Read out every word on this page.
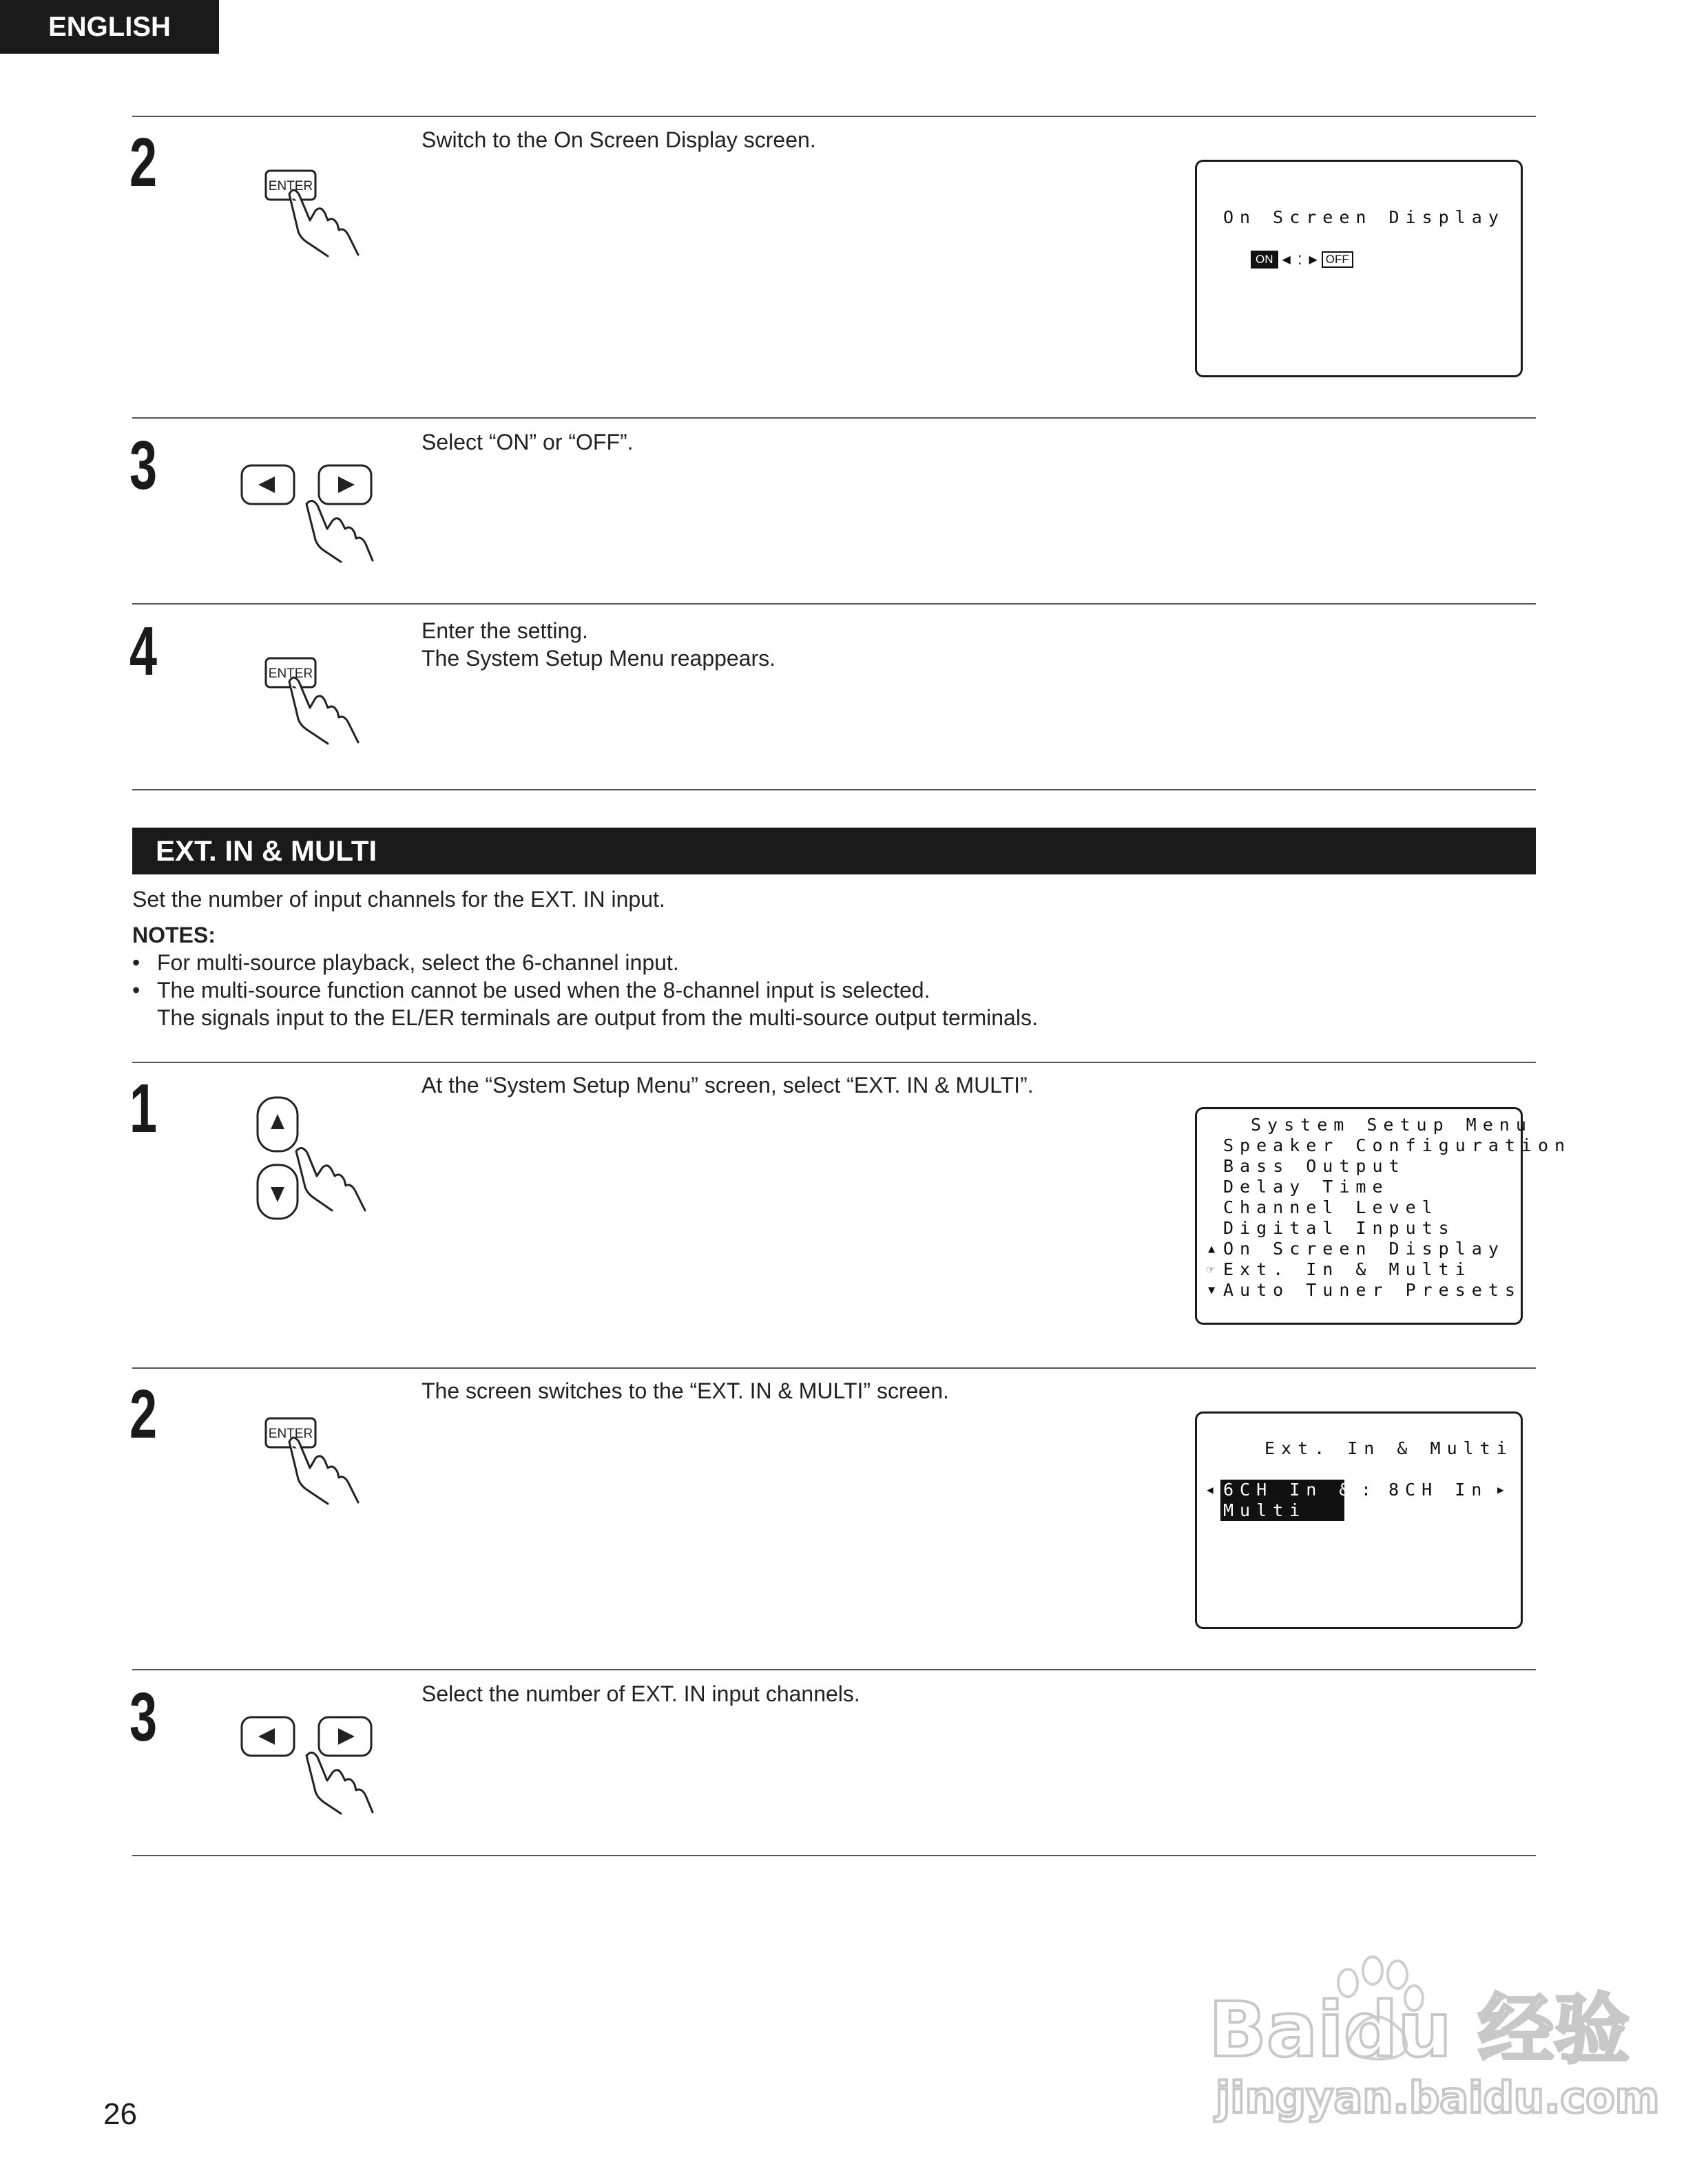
ENGLISH
2	ENTER
Switch to the On Screen Display screen.
On Screen Display
ON ◀ : ▶ OFF
3	Select “ON” or “OFF”.
4	ENTER
Enter the setting.
The System Setup Menu reappears.
EXT. IN & MULTI
Set the number of input channels for the EXT. IN input.
NOTES:
• For multi-source playback, select the 6-channel input.
• The multi-source function cannot be used when the 8-channel input is selected.
The signals input to the EL/ER terminals are output from the multi-source output terminals.
1	At the “System Setup Menu” screen, select “EXT. IN & MULTI”.
System Setup Menu
Speaker Configuration
Bass Output
Delay Time
Channel Level
Digital Inputs
▲ On Screen Display
☞ Ext. In & Multi
▼ Auto Tuner Presets
2	ENTER
The screen switches to the “EXT. IN & MULTI” screen.
Ext. In & Multi
◀ 6CH In &
Multi
: 8CH In ▶
3	Select the number of EXT. IN input channels.
26
Baidu 经验
jingyan.baidu.com
